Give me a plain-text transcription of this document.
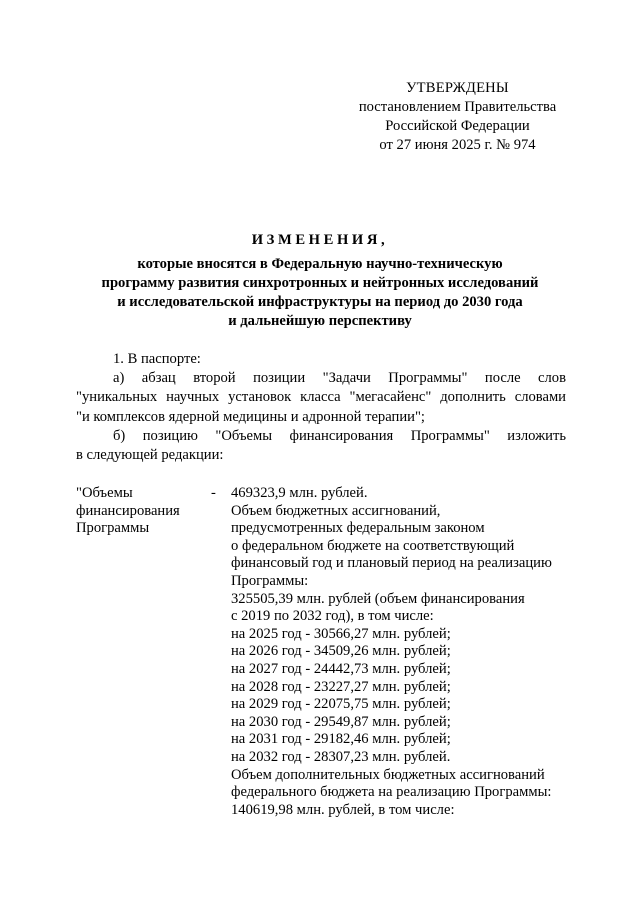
УТВЕРЖДЕНЫ
постановлением Правительства
Российской Федерации
от 27 июня 2025 г. № 974
ИЗМЕНЕНИЯ,
которые вносятся в Федеральную научно-техническую
программу развития синхротронных и нейтронных исследований
и исследовательской инфраструктуры на период до 2030 года
и дальнейшую перспективу

1. В паспорте:

а) абзац второй позиции "Задачи Программы" после слов
"уникальных научных установок класса "мегасайенс" дополнить словами
"и комплексов ядерной медицины и адронной терапии";
б) позицию "Объемы финансирования Программы" изложить
в следующей редакции:
"Объемы
финансирования
Программы
-	469323,9 млн. рублей.
Объем бюджетных ассигнований,
предусмотренных федеральным законом
о федеральном бюджете на соответствующий
финансовый год и плановый период на реализацию
Программы:
325505,39 млн. рублей (объем финансирования
с 2019 по 2032 год), в том числе:
на 2025 год - 30566,27 млн. рублей;
на 2026 год - 34509,26 млн. рублей;
на 2027 год - 24442,73 млн. рублей;
на 2028 год - 23227,27 млн. рублей;
на 2029 год - 22075,75 млн. рублей;
на 2030 год - 29549,87 млн. рублей;
на 2031 год - 29182,46 млн. рублей;
на 2032 год - 28307,23 млн. рублей.
Объем дополнительных бюджетных ассигнований
федерального бюджета на реализацию Программы:
140619,98 млн. рублей, в том числе:
